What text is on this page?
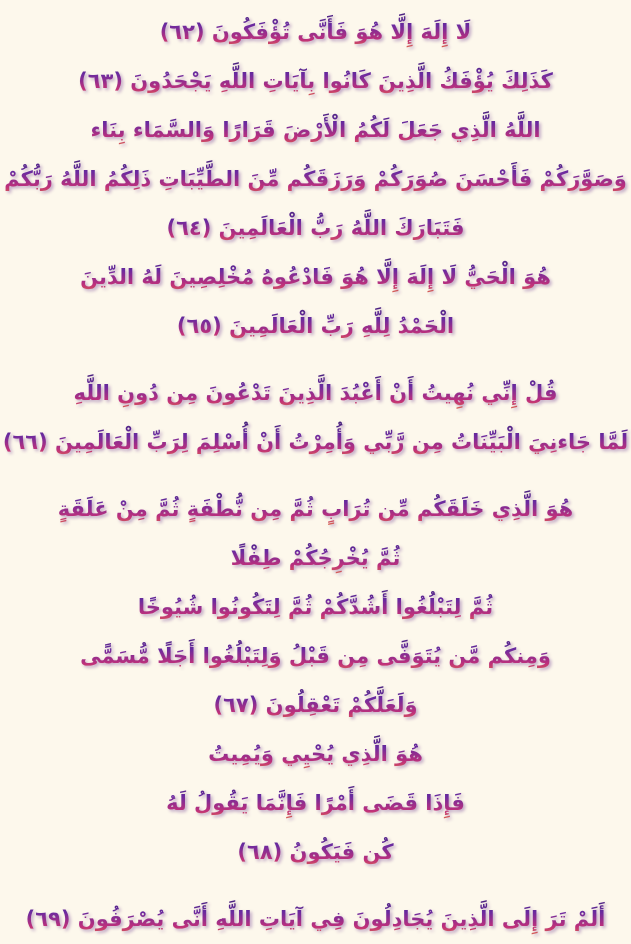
لَا إِلَهَ إِلَّا هُوَ فَأَنَّى تُؤْفَكُونَ (٦٢)
كَذَلِكَ يُؤْفَكُ الَّذِينَ كَانُوا بِآيَاتِ اللَّهِ يَجْحَدُونَ (٦٣)
اللَّهُ الَّذِي جَعَلَ لَكُمُ الْأَرْضَ قَرَارًا وَالسَّمَاء بِنَاء
وَصَوَّرَكُمْ فَأَحْسَنَ صُوَرَكُمْ وَرَزَقَكُم مِّنَ الطَّيِّبَاتِ ذَلِكُمُ اللَّهُ رَبُّكُمْ
فَتَبَارَكَ اللَّهُ رَبُّ الْعَالَمِينَ (٦٤)
هُوَ الْحَيُّ لَا إِلَهَ إِلَّا هُوَ فَادْعُوهُ مُخْلِصِينَ لَهُ الدِّينَ
الْحَمْدُ لِلَّهِ رَبِّ الْعَالَمِينَ (٦٥)
قُلْ إِنِّي نُهِيتُ أَنْ أَعْبُدَ الَّذِينَ تَدْعُونَ مِن دُونِ اللَّهِ
لَمَّا جَاءنِيَ الْبَيِّنَاتُ مِن رَّبِّي وَأُمِرْتُ أَنْ أُسْلِمَ لِرَبِّ الْعَالَمِينَ (٦٦)
هُوَ الَّذِي خَلَقَكُم مِّن تُرَابٍ ثُمَّ مِن نُّطْفَةٍ ثُمَّ مِنْ عَلَقَةٍ
ثُمَّ يُخْرِجُكُمْ طِفْلًا
ثُمَّ لِتَبْلُغُوا أَشُدَّكُمْ ثُمَّ لِتَكُونُوا شُيُوخًا
وَمِنكُم مَّن يُتَوَفَّى مِن قَبْلُ وَلِتَبْلُغُوا أَجَلًا مُّسَمًّى
وَلَعَلَّكُمْ تَعْقِلُونَ (٦٧)
هُوَ الَّذِي يُحْيِي وَيُمِيتُ
فَإِذَا قَضَى أَمْرًا فَإِنَّمَا يَقُولُ لَهُ
كُن فَيَكُونُ (٦٨)
أَلَمْ تَرَ إِلَى الَّذِينَ يُجَادِلُونَ فِي آيَاتِ اللَّهِ أَنَّى يُصْرَفُونَ (٦٩)
